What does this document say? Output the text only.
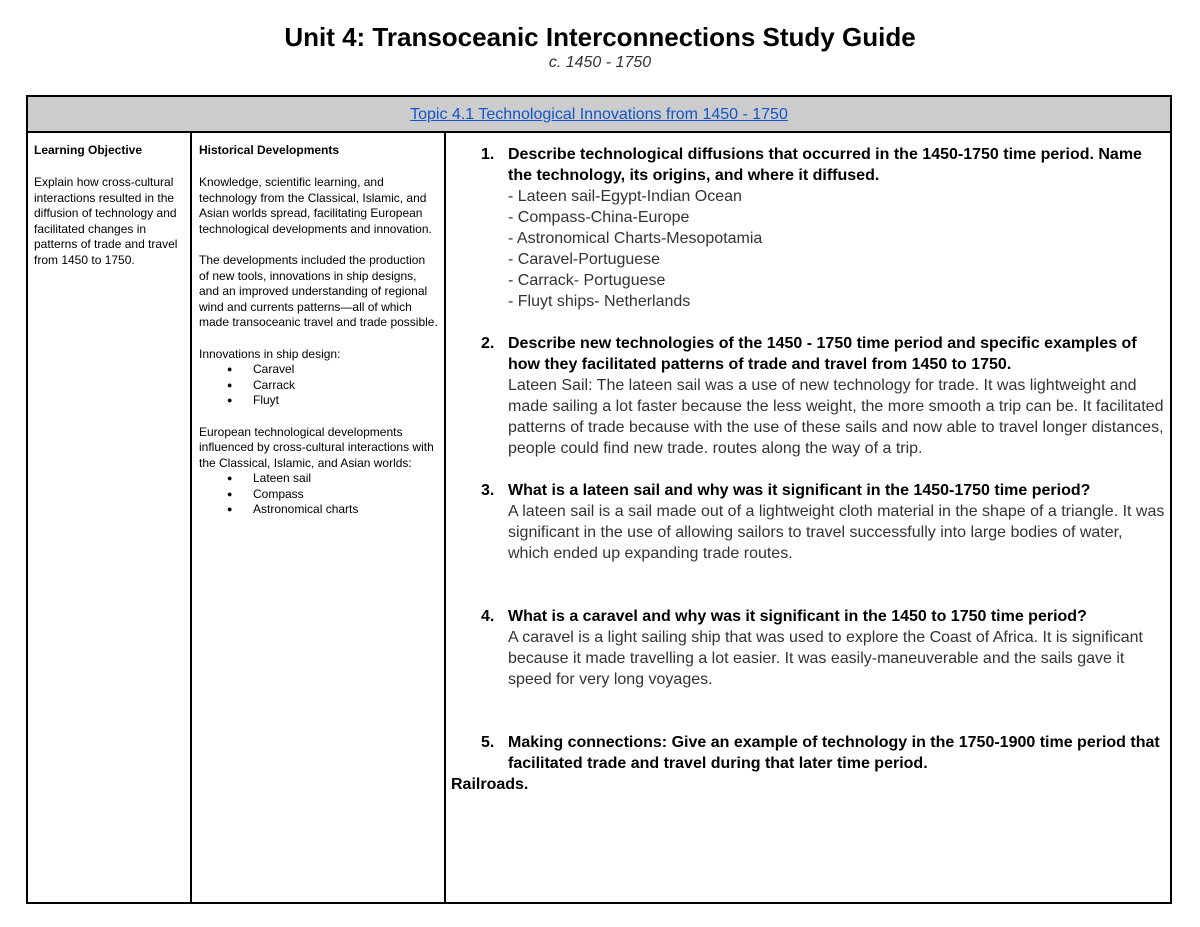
Unit 4: Transoceanic Interconnections Study Guide

c. 1450 - 1750

Topic 4.1 Technological Innovations from 1450 - 1750

Learning Objective

Explain how cross-cultural interactions resulted in the diffusion of technology and facilitated changes in patterns of trade and travel from 1450 to 1750.

Historical Developments

Knowledge, scientific learning, and technology from the Classical, Islamic, and Asian worlds spread, facilitating European technological developments and innovation.

The developments included the production of new tools, innovations in ship designs, and an improved understanding of regional wind and currents patterns—all of which made transoceanic travel and trade possible.

Innovations in ship design:

● Caravel
● Carrack
● Fluyt

European technological developments influenced by cross-cultural interactions with the Classical, Islamic, and Asian worlds:

● Lateen sail
● Compass
● Astronomical charts
1. Describe technological diffusions that occurred in the 1450-1750 time period. Name the technology, its origins, and where it diffused.

- Lateen sail-Egypt-Indian Ocean

- Compass-China-Europe

- Astronomical Charts-Mesopotamia

- Caravel-Portuguese

- Carrack- Portuguese

- Fluyt ships- Netherlands

2. Describe new technologies of the 1450 - 1750 time period and specific examples of how they facilitated patterns of trade and travel from 1450 to 1750.

Lateen Sail: The lateen sail was a use of new technology for trade. It was lightweight and made sailing a lot faster because the less weight, the more smooth a trip can be. It facilitated patterns of trade because with the use of these sails and now able to travel longer distances, people could find new trade. routes along the way of a trip.

3. What is a lateen sail and why was it significant in the 1450-1750 time period?

A lateen sail is a sail made out of a lightweight cloth material in the shape of a triangle. It was significant in the use of allowing sailors to travel successfully into large bodies of water, which ended up expanding trade routes.

4. What is a caravel and why was it significant in the 1450 to 1750 time period?

A caravel is a light sailing ship that was used to explore the Coast of Africa. It is significant because it made travelling a lot easier. It was easily-maneuverable and the sails gave it speed for very long voyages.

5. Making connections: Give an example of technology in the 1750-1900 time period that facilitated trade and travel during that later time period.

Railroads.
